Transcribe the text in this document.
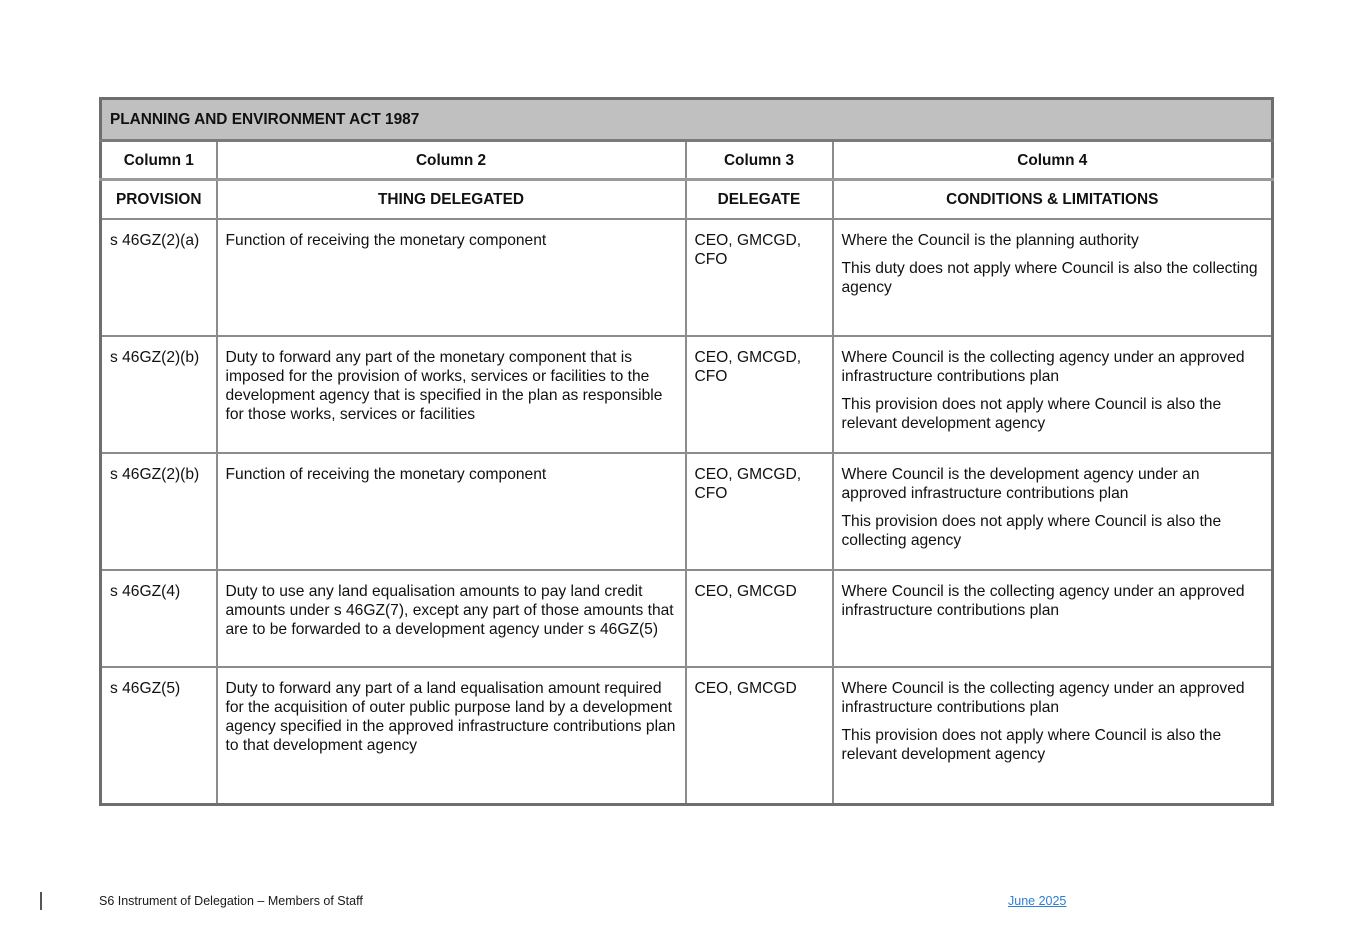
PLANNING AND ENVIRONMENT ACT 1987			
Column 1	Column 2	Column 3	Column 4
PROVISION	THING DELEGATED	DELEGATE	CONDITIONS & LIMITATIONS
s 46GZ(2)(a)	Function of receiving the monetary component	CEO, GMCGD, CFO	Where the Council is the planning authority

This duty does not apply where Council is also the collecting agency

s 46GZ(2)(b)	Duty to forward any part of the monetary component that is imposed for the provision of works, services or facilities to the development agency that is specified in the plan as responsible for those works, services or facilities	CEO, GMCGD, CFO	Where Council is the collecting agency under an approved infrastructure contributions plan

This provision does not apply where Council is also the relevant development agency

s 46GZ(2)(b)	Function of receiving the monetary component	CEO, GMCGD, CFO	Where Council is the development agency under an approved infrastructure contributions plan

This provision does not apply where Council is also the collecting agency

s 46GZ(4)	Duty to use any land equalisation amounts to pay land credit amounts under s 46GZ(7), except any part of those amounts that are to be forwarded to a development agency under s 46GZ(5)	CEO, GMCGD	Where Council is the collecting agency under an approved infrastructure contributions plan

s 46GZ(5)	Duty to forward any part of a land equalisation amount required for the acquisition of outer public purpose land by a development agency specified in the approved infrastructure contributions plan to that development agency	CEO, GMCGD	Where Council is the collecting agency under an approved infrastructure contributions plan

This provision does not apply where Council is also the relevant development agency

S6 Instrument of Delegation – Members of Staff	June 2025
